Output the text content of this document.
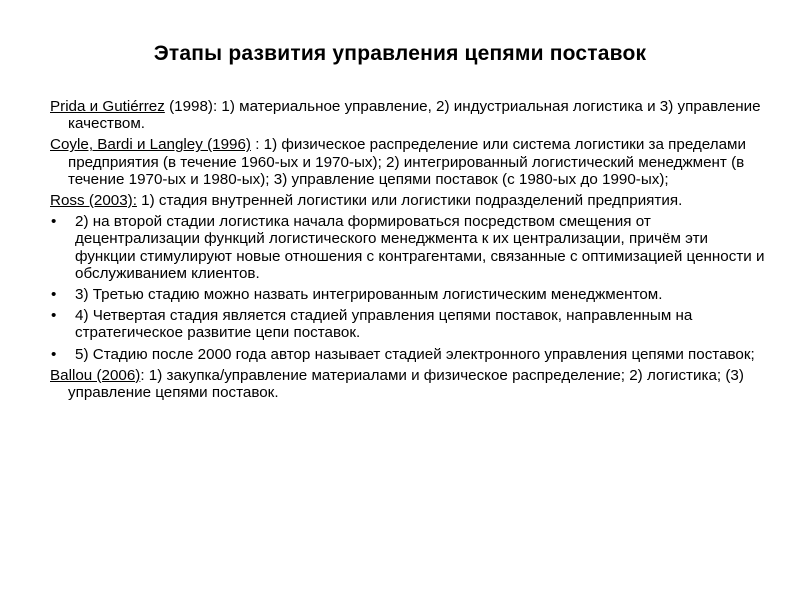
Этапы развития управления цепями поставок

Prida и Gutiérrez (1998): 1) материальное управление, 2) индустриальная логистика и 3) управление качеством.

Coyle, Bardi и Langley (1996) : 1) физическое распределение или система логистики за пределами предприятия (в течение 1960-ых и 1970-ых); 2) интегрированный логистический менеджмент (в течение 1970-ых и 1980-ых); 3) управление цепями поставок (с 1980-ых до 1990-ых);

Ross (2003): 1) стадия внутренней логистики или логистики подразделений предприятия.

• 2) на второй стадии логистика начала формироваться посредством смещения от децентрализации функций логистического менеджмента к их централизации, причём эти функции стимулируют новые отношения с контрагентами, связанные с оптимизацией ценности и обслуживанием клиентов.
• 3) Третью стадию можно назвать интегрированным логистическим менеджментом.
• 4) Четвертая стадия является стадией управления цепями поставок, направленным на стратегическое развитие цепи поставок.
• 5) Стадию после 2000 года автор называет стадией электронного управления цепями поставок;

Ballou (2006): 1) закупка/управление материалами и физическое распределение; 2) логистика; (3) управление цепями поставок.
